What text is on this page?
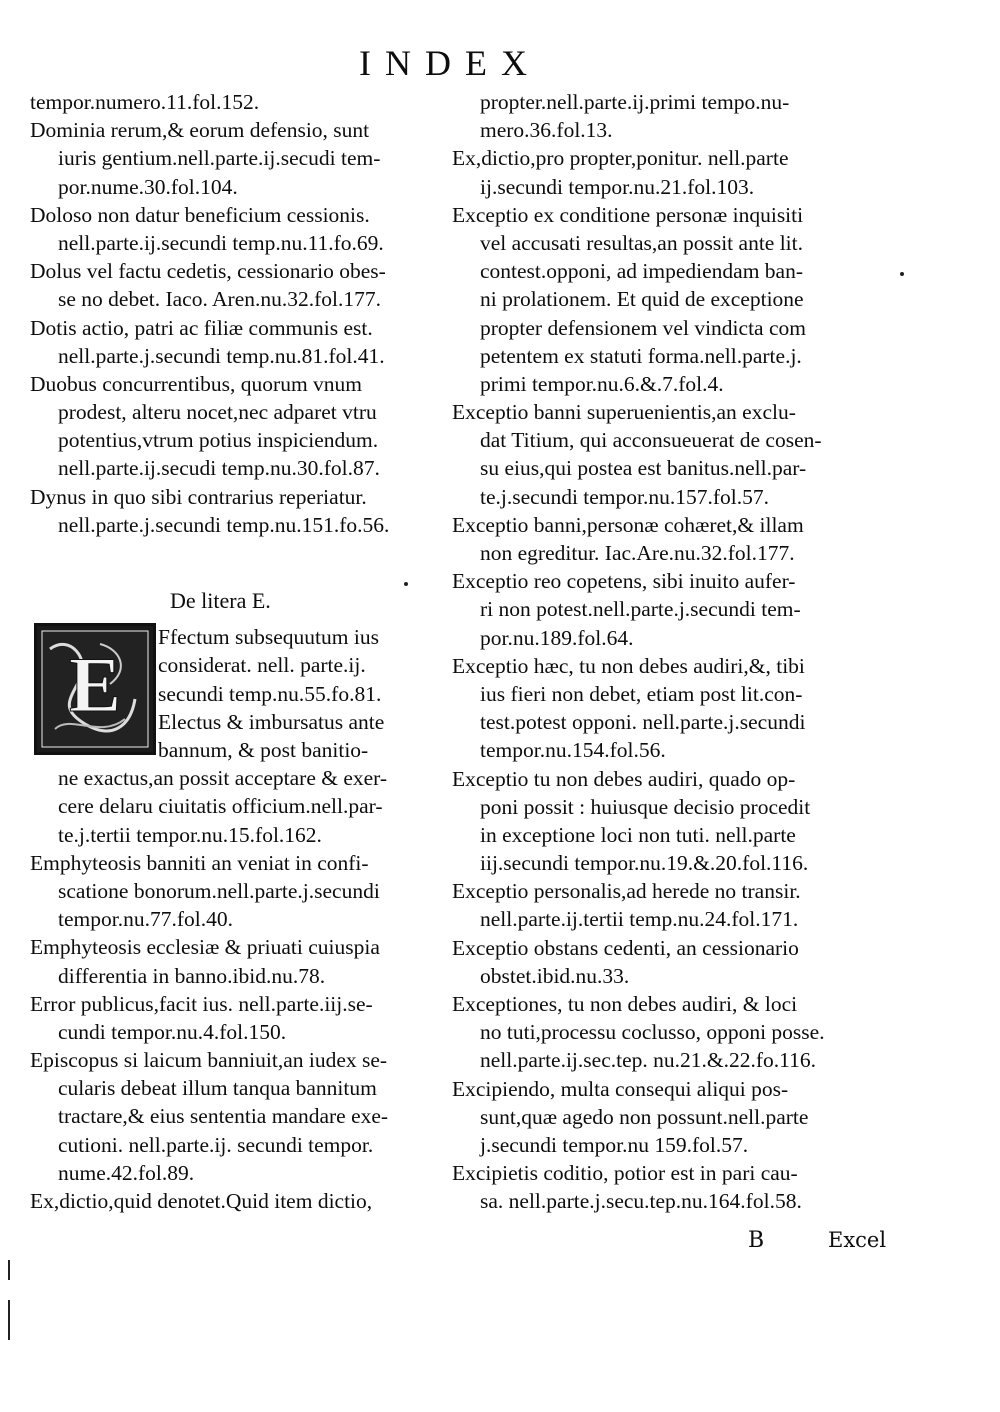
INDEX
tempor.numero.11.fol.152.
Dominia rerum,& eorum defensio, sunt
iuris gentium.nell.parte.ij.secudi tem-
por.nume.30.fol.104.
Doloso non datur beneficium cessionis.
nell.parte.ij.secundi temp.nu.11.fo.69.
Dolus vel factu cedetis, cessionario obes-
se no debet. Iaco. Aren.nu.32.fol.177.
Dotis actio, patri ac filiæ communis est.
nell.parte.j.secundi temp.nu.81.fol.41.
Duobus concurrentibus, quorum vnum
prodest, alteru nocet,nec adparet vtru
potentius,vtrum potius inspiciendum.
nell.parte.ij.secudi temp.nu.30.fol.87.
Dynus in quo sibi contrarius reperiatur.
nell.parte.j.secundi temp.nu.151.fo.56.
De litera E.
E
Ffectum subsequutum ius
considerat. nell. parte.ij.
secundi temp.nu.55.fo.81.
Electus & imbursatus ante
bannum, & post banitio-
ne exactus,an possit acceptare & exer-
cere delaru ciuitatis officium.nell.par-
te.j.tertii tempor.nu.15.fol.162.
Emphyteosis banniti an veniat in confi-
scatione bonorum.nell.parte.j.secundi
tempor.nu.77.fol.40.
Emphyteosis ecclesiæ & priuati cuiuspia
differentia in banno.ibid.nu.78.
Error publicus,facit ius. nell.parte.iij.se-
cundi tempor.nu.4.fol.150.
Episcopus si laicum banniuit,an iudex se-
cularis debeat illum tanqua bannitum
tractare,& eius sententia mandare exe-
cutioni. nell.parte.ij. secundi tempor.
nume.42.fol.89.
Ex,dictio,quid denotet.Quid item dictio,
propter.nell.parte.ij.primi tempo.nu-
mero.36.fol.13.
Ex,dictio,pro propter,ponitur. nell.parte
ij.secundi tempor.nu.21.fol.103.
Exceptio ex conditione personæ inquisiti
vel accusati resultas,an possit ante lit.
contest.opponi, ad impediendam ban-
ni prolationem. Et quid de exceptione
propter defensionem vel vindicta com
petentem ex statuti forma.nell.parte.j.
primi tempor.nu.6.&.7.fol.4.
Exceptio banni superuenientis,an exclu-
dat Titium, qui acconsueuerat de cosen-
su eius,qui postea est banitus.nell.par-
te.j.secundi tempor.nu.157.fol.57.
Exceptio banni,personæ cohæret,& illam
non egreditur. Iac.Are.nu.32.fol.177.
Exceptio reo copetens, sibi inuito aufer-
ri non potest.nell.parte.j.secundi tem-
por.nu.189.fol.64.
Exceptio hæc, tu non debes audiri,&, tibi
ius fieri non debet, etiam post lit.con-
test.potest opponi. nell.parte.j.secundi
tempor.nu.154.fol.56.
Exceptio tu non debes audiri, quado op-
poni possit : huiusque decisio procedit
in exceptione loci non tuti. nell.parte
iij.secundi tempor.nu.19.&.20.fol.116.
Exceptio personalis,ad herede no transir.
nell.parte.ij.tertii temp.nu.24.fol.171.
Exceptio obstans cedenti, an cessionario
obstet.ibid.nu.33.
Exceptiones, tu non debes audiri, & loci
no tuti,processu coclusso, opponi posse.
nell.parte.ij.sec.tep. nu.21.&.22.fo.116.
Excipiendo, multa consequi aliqui pos-
sunt,quæ agedo non possunt.nell.parte
j.secundi tempor.nu 159.fol.57.
Excipietis coditio, potior est in pari cau-
sa. nell.parte.j.secu.tep.nu.164.fol.58.
B	Excel
